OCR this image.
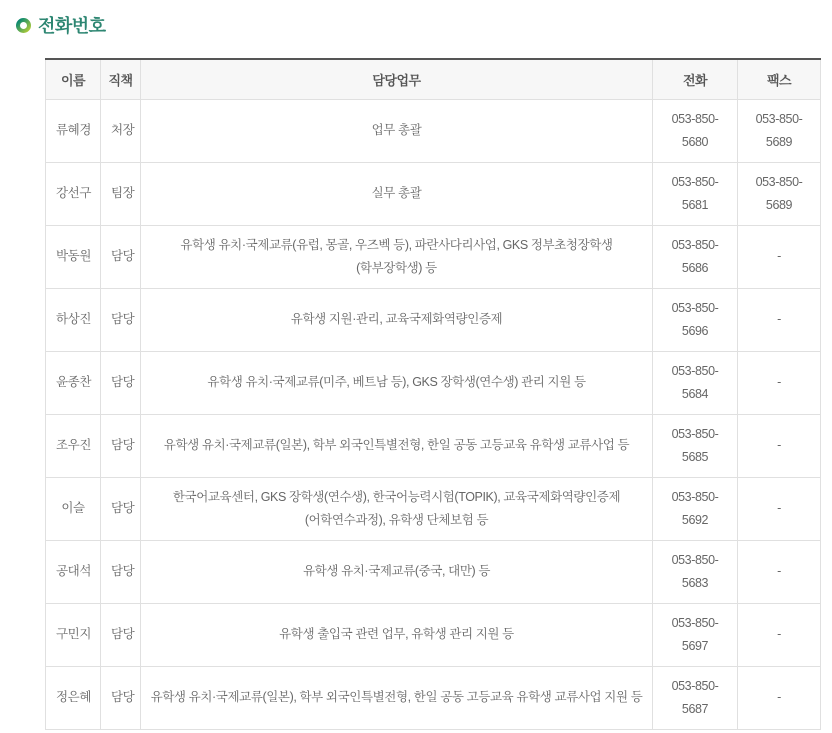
전화번호
이름	직책	담당업무	전화	팩스
류혜경	처장	업무 총괄	053-850-5680	053-850-5689
강선구	팀장	실무 총괄	053-850-5681	053-850-5689
박동원	담당	유학생 유치·국제교류(유럽, 몽골, 우즈벡 등), 파란사다리사업, GKS 정부초청장학생(학부장학생) 등	053-850-5686	-
하상진	담당	유학생 지원·관리, 교육국제화역량인증제	053-850-5696	-
윤종찬	담당	유학생 유치·국제교류(미주, 베트남 등), GKS 장학생(연수생) 관리 지원 등	053-850-5684	-
조우진	담당	유학생 유치·국제교류(일본), 학부 외국인특별전형, 한일 공동 고등교육 유학생 교류사업 등	053-850-5685	-
이슬	담당	한국어교육센터, GKS 장학생(연수생), 한국어능력시험(TOPIK), 교육국제화역량인증제(어학연수과정), 유학생 단체보험 등	053-850-5692	-
공대석	담당	유학생 유치·국제교류(중국, 대만) 등	053-850-5683	-
구민지	담당	유학생 출입국 관련 업무, 유학생 관리 지원 등	053-850-5697	-
정은혜	담당	유학생 유치·국제교류(일본), 학부 외국인특별전형, 한일 공동 고등교육 유학생 교류사업 지원 등	053-850-5687	-
